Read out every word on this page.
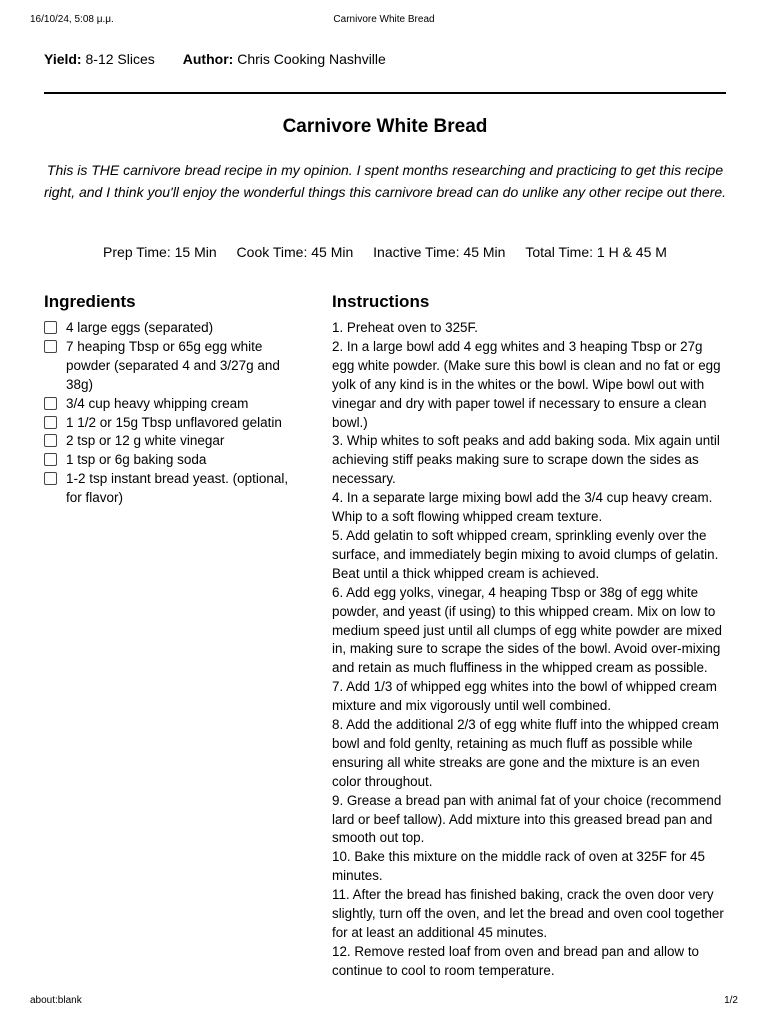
16/10/24, 5:08 μ.μ.	Carnivore White Bread
Yield: 8-12 Slices Author: Chris Cooking Nashville
Carnivore White Bread

This is THE carnivore bread recipe in my opinion. I spent months researching and practicing to get this recipe right, and I think you'll enjoy the wonderful things this carnivore bread can do unlike any other recipe out there.

Prep Time: 15 Min Cook Time: 45 Min Inactive Time: 45 Min Total Time: 1 H & 45 M
Ingredients	Instructions
4 large eggs (separated)
7 heaping Tbsp or 65g egg white powder (separated 4 and 3/27g and 38g)
3/4 cup heavy whipping cream
1 1/2 or 15g Tbsp unflavored gelatin
2 tsp or 12 g white vinegar
1 tsp or 6g baking soda
1-2 tsp instant bread yeast. (optional, for flavor)
1. Preheat oven to 325F.
2. In a large bowl add 4 egg whites and 3 heaping Tbsp or 27g egg white powder. (Make sure this bowl is clean and no fat or egg yolk of any kind is in the whites or the bowl. Wipe bowl out with vinegar and dry with paper towel if necessary to ensure a clean bowl.)
3. Whip whites to soft peaks and add baking soda. Mix again until achieving stiff peaks making sure to scrape down the sides as necessary.
4. In a separate large mixing bowl add the 3/4 cup heavy cream. Whip to a soft flowing whipped cream texture.
5. Add gelatin to soft whipped cream, sprinkling evenly over the surface, and immediately begin mixing to avoid clumps of gelatin. Beat until a thick whipped cream is achieved.
6. Add egg yolks, vinegar, 4 heaping Tbsp or 38g of egg white powder, and yeast (if using) to this whipped cream. Mix on low to medium speed just until all clumps of egg white powder are mixed in, making sure to scrape the sides of the bowl. Avoid over-mixing and retain as much fluffiness in the whipped cream as possible.
7. Add 1/3 of whipped egg whites into the bowl of whipped cream mixture and mix vigorously until well combined.
8. Add the additional 2/3 of egg white fluff into the whipped cream bowl and fold genlty, retaining as much fluff as possible while ensuring all white streaks are gone and the mixture is an even color throughout.
9. Grease a bread pan with animal fat of your choice (recommend lard or beef tallow). Add mixture into this greased bread pan and smooth out top.
10. Bake this mixture on the middle rack of oven at 325F for 45 minutes.
11. After the bread has finished baking, crack the oven door very slightly, turn off the oven, and let the bread and oven cool together for at least an additional 45 minutes.
12. Remove rested loaf from oven and bread pan and allow to continue to cool to room temperature.
about:blank	1/2
